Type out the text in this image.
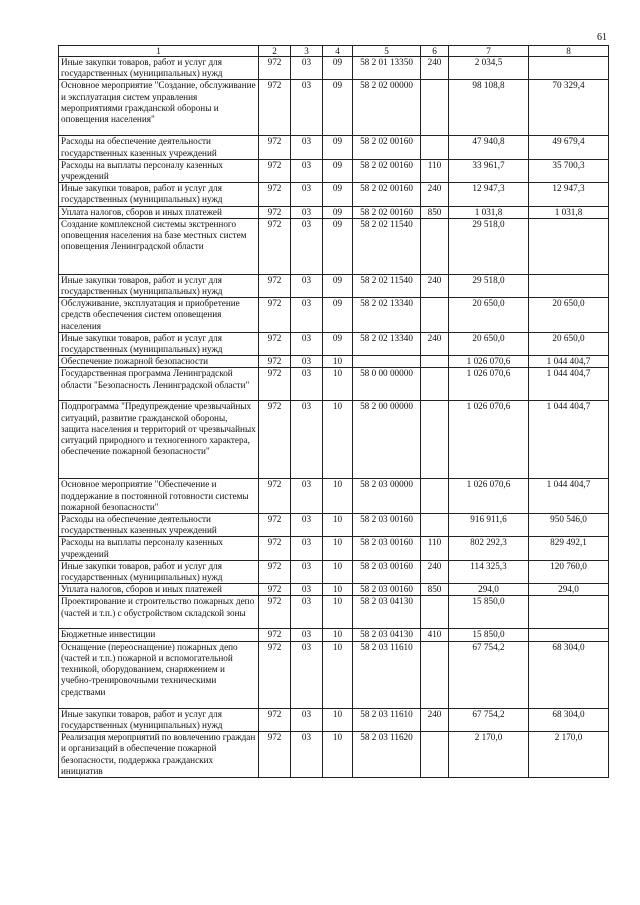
61
1	2	3	4	5	6	7	8
Иные закупки товаров, работ и услуг для государственных (муниципальных) нужд	972	03	09	58 2 01 13350	240	2 034,5	
Основное мероприятие "Создание, обслуживание и эксплуатация систем управления мероприятиями гражданской обороны и оповещения населения"	972	03	09	58 2 02 00000		98 108,8	70 329,4
Расходы на обеспечение деятельности государственных казенных учреждений	972	03	09	58 2 02 00160		47 940,8	49 679,4
Расходы на выплаты персоналу казенных учреждений	972	03	09	58 2 02 00160	110	33 961,7	35 700,3
Иные закупки товаров, работ и услуг для государственных (муниципальных) нужд	972	03	09	58 2 02 00160	240	12 947,3	12 947,3
Уплата налогов, сборов и иных платежей	972	03	09	58 2 02 00160	850	1 031,8	1 031,8
Создание комплексной системы экстренного оповещения населения на базе местных систем оповещения Ленинградской области	972	03	09	58 2 02 11540		29 518,0	
Иные закупки товаров, работ и услуг для государственных (муниципальных) нужд	972	03	09	58 2 02 11540	240	29 518,0	
Обслуживание, эксплуатация и приобретение средств обеспечения систем оповещения населения	972	03	09	58 2 02 13340		20 650,0	20 650,0
Иные закупки товаров, работ и услуг для государственных (муниципальных) нужд	972	03	09	58 2 02 13340	240	20 650,0	20 650,0
Обеспечение пожарной безопасности	972	03	10			1 026 070,6	1 044 404,7
Государственная программа Ленинградской области "Безопасность Ленинградской области"	972	03	10	58 0 00 00000		1 026 070,6	1 044 404,7
Подпрограмма "Предупреждение чрезвычайных ситуаций, развитие гражданской обороны, защита населения и территорий от чрезвычайных ситуаций природного и техногенного характера, обеспечение пожарной безопасности"	972	03	10	58 2 00 00000		1 026 070,6	1 044 404,7
Основное мероприятие "Обеспечение и поддержание в постоянной готовности системы пожарной безопасности"	972	03	10	58 2 03 00000		1 026 070,6	1 044 404,7
Расходы на обеспечение деятельности государственных казенных учреждений	972	03	10	58 2 03 00160		916 911,6	950 546,0
Расходы на выплаты персоналу казенных учреждений	972	03	10	58 2 03 00160	110	802 292,3	829 492,1
Иные закупки товаров, работ и услуг для государственных (муниципальных) нужд	972	03	10	58 2 03 00160	240	114 325,3	120 760,0
Уплата налогов, сборов и иных платежей	972	03	10	58 2 03 00160	850	294,0	294,0
Проектирование и строительство пожарных депо (частей и т.п.) с обустройством складской зоны	972	03	10	58 2 03 04130		15 850,0	
Бюджетные инвестиции	972	03	10	58 2 03 04130	410	15 850,0	
Оснащение (переоснащение) пожарных депо (частей и т.п.) пожарной и вспомогательной техникой, оборудованием, снаряжением и учебно-тренировочными техническими средствами	972	03	10	58 2 03 11610		67 754,2	68 304,0
Иные закупки товаров, работ и услуг для государственных (муниципальных) нужд	972	03	10	58 2 03 11610	240	67 754,2	68 304,0
Реализация мероприятий по вовлечению граждан и организаций в обеспечение пожарной безопасности, поддержка гражданских инициатив	972	03	10	58 2 03 11620		2 170,0	2 170,0
